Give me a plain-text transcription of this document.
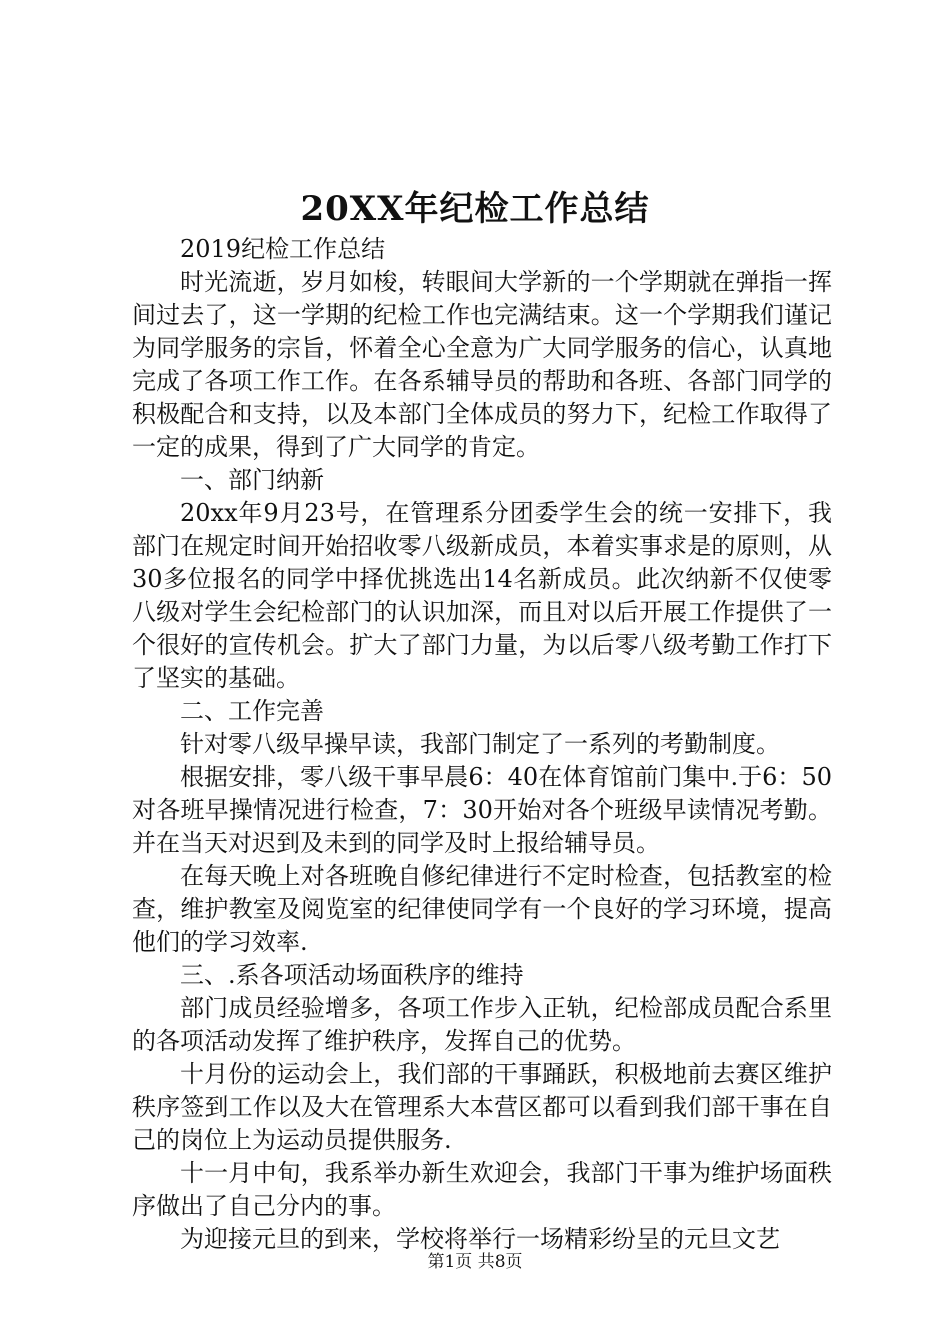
20XX年纪检工作总结

2019纪检工作总结

时光流逝，岁月如梭，转眼间大学新的一个学期就在弹指一挥间过去了，这一学期的纪检工作也完满结束。这一个学期我们谨记为同学服务的宗旨，怀着全心全意为广大同学服务的信心，认真地完成了各项工作工作。在各系辅导员的帮助和各班、各部门同学的积极配合和支持，以及本部门全体成员的努力下，纪检工作取得了一定的成果，得到了广大同学的肯定。

一、部门纳新

20xx年9月23号，在管理系分团委学生会的统一安排下，我部门在规定时间开始招收零八级新成员，本着实事求是的原则，从30多位报名的同学中择优挑选出14名新成员。此次纳新不仅使零八级对学生会纪检部门的认识加深，而且对以后开展工作提供了一个很好的宣传机会。扩大了部门力量，为以后零八级考勤工作打下了坚实的基础。

二、工作完善

针对零八级早操早读，我部门制定了一系列的考勤制度。

根据安排，零八级干事早晨6：40在体育馆前门集中.于6：50对各班早操情况进行检查，7：30开始对各个班级早读情况考勤。并在当天对迟到及未到的同学及时上报给辅导员。

在每天晚上对各班晚自修纪律进行不定时检查，包括教室的检查，维护教室及阅览室的纪律使同学有一个良好的学习环境，提高他们的学习效率.

三、.系各项活动场面秩序的维持

部门成员经验增多，各项工作步入正轨，纪检部成员配合系里的各项活动发挥了维护秩序，发挥自己的优势。

十月份的运动会上，我们部的干事踊跃，积极地前去赛区维护秩序签到工作以及大在管理系大本营区都可以看到我们部干事在自己的岗位上为运动员提供服务.

十一月中旬，我系举办新生欢迎会，我部门干事为维护场面秩序做出了自己分内的事。

为迎接元旦的到来，学校将举行一场精彩纷呈的元旦文艺

第1页 共8页
